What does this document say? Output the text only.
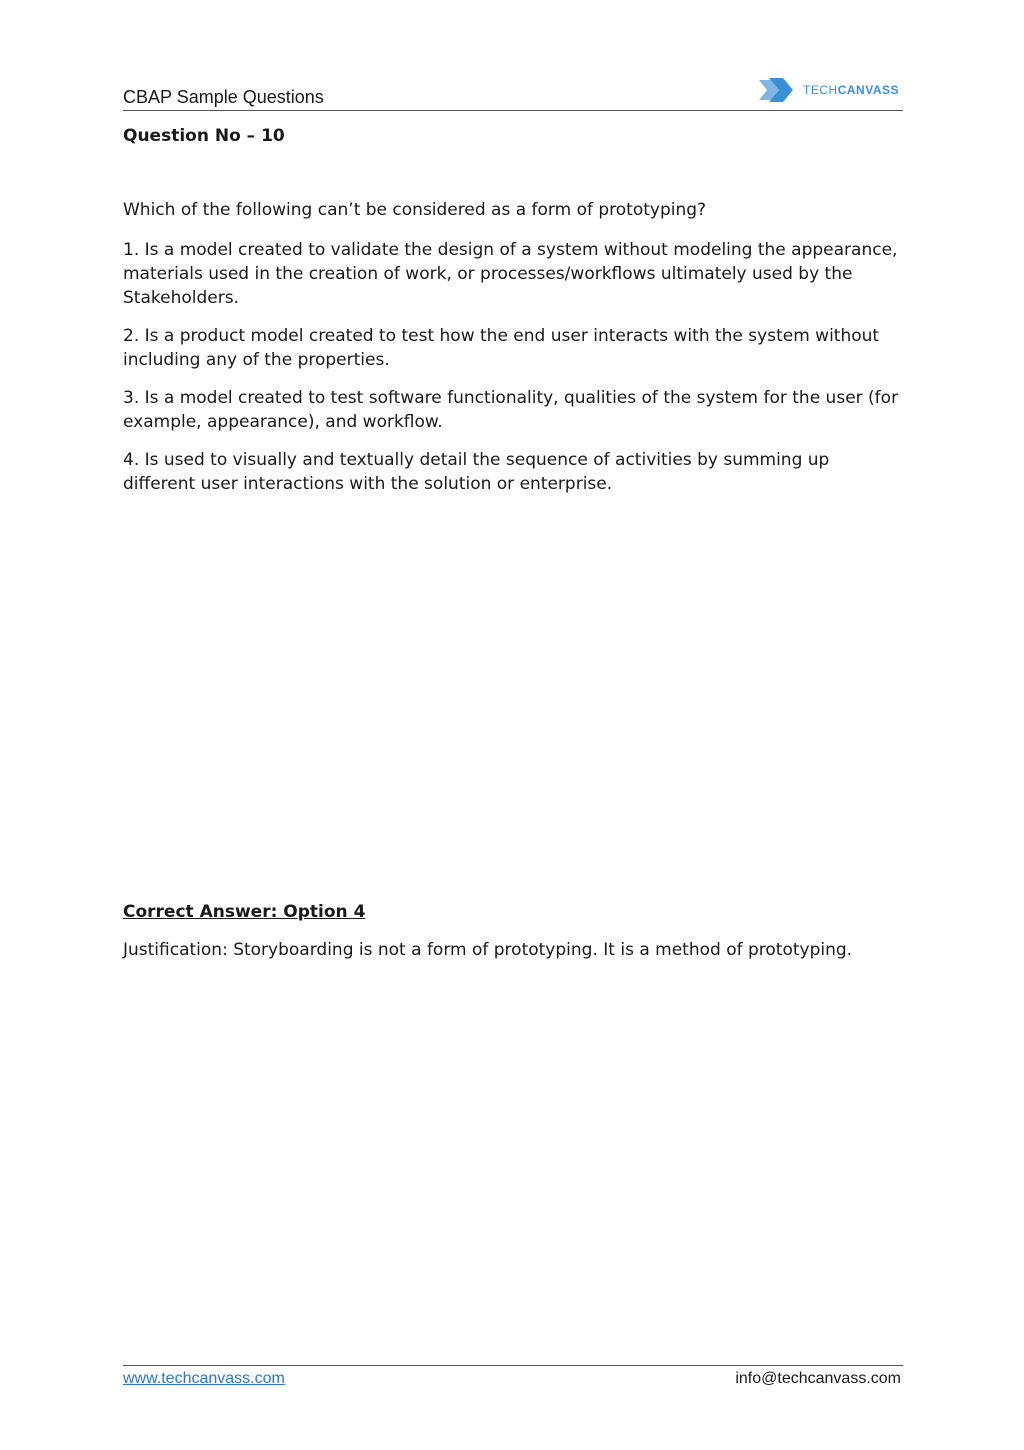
CBAP Sample Questions	TECHCANVASS

Question No – 10

Which of the following can’t be considered as a form of prototyping?

1. Is a model created to validate the design of a system without modeling the appearance, materials used in the creation of work, or processes/workflows ultimately used by the Stakeholders.

2. Is a product model created to test how the end user interacts with the system without including any of the properties.

3. Is a model created to test software functionality, qualities of the system for the user (for example, appearance), and workflow.

4. Is used to visually and textually detail the sequence of activities by summing up different user interactions with the solution or enterprise.

Correct Answer: Option 4

Justification: Storyboarding is not a form of prototyping. It is a method of prototyping.

www.techcanvass.com	info@techcanvass.com
